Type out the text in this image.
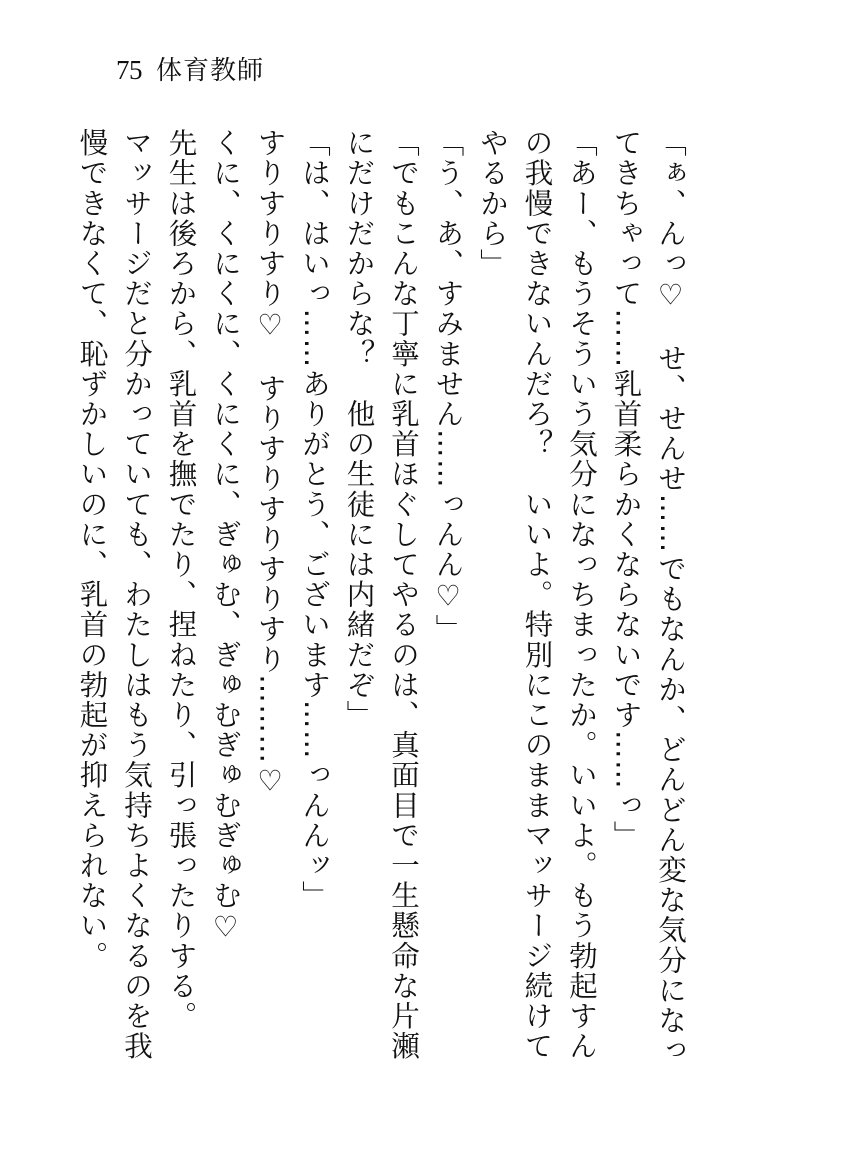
75 体育教師

「ぁ、んっ♡　せ、せんせ……でもなんか、どんどん変な気分になってきちゃって……乳首柔らかくならないです……っ」

「あー、もうそういう気分になっちまったか。いいよ。もう勃起すんの我慢できないんだろ？　いいよ。特別にこのままマッサージ続けてやるから」

「う、あ、すみません……っんん♡」

「でもこんな丁寧に乳首ほぐしてやるのは、真面目で一生懸命な片瀬にだけだからな？　他の生徒には内緒だぞ」

「は、はいっ……ありがとう、ございます……っんんッ」

すりすりすり♡　すりすりすりすりすり………♡

くに、くにくに、くにくに、ぎゅむ、ぎゅむぎゅむぎゅむ♡

先生は後ろから、乳首を撫でたり、捏ねたり、引っ張ったりする。

マッサージだと分かっていても、わたしはもう気持ちよくなるのを我慢できなくて、恥ずかしいのに、乳首の勃起が抑えられない。
